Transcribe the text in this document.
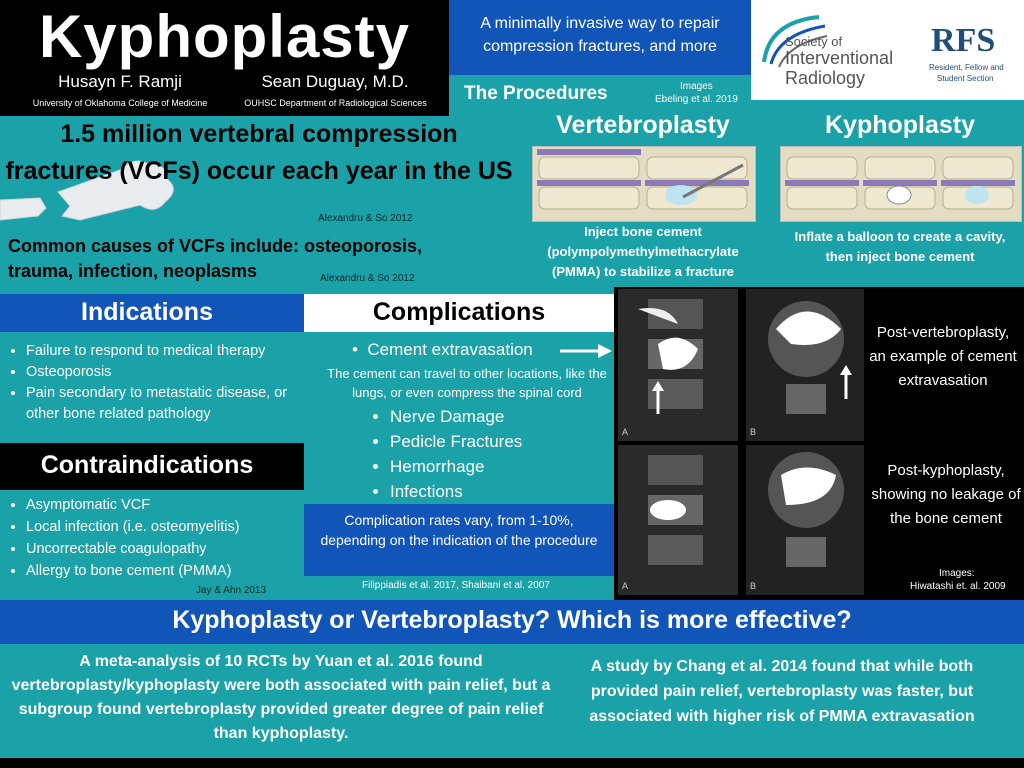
Kyphoplasty
Husayn F. Ramji
University of Oklahoma College of Medicine
Sean Duguay, M.D.
OUHSC Department of Radiological Sciences
A minimally invasive way to repair compression fractures, and more	Society of
Interventional
Radiology
RFS
Resident, Fellow and
Student Section
The Procedures	Images
Ebeling et al. 2019
1.5 million vertebral compression fractures (VCFs) occur each year in the US
Alexandru & So 2012
Common causes of VCFs include: osteoporosis, trauma, infection, neoplasms	Alexandru & So 2012
Vertebroplasty
Inject bone cement (polympolymethylmethacrylate (PMMA) to stabilize a fracture
Kyphoplasty
Inflate a balloon to create a cavity, then inject bone cement
Indications
• Failure to respond to medical therapy
• Osteoporosis
• Pain secondary to metastatic disease, or other bone related pathology
Contraindications
• Asymptomatic VCF
• Local infection (i.e. osteomyelitis)
• Uncorrectable coagulopathy
• Allergy to bone cement (PMMA)
Jay & Ahn 2013
Complications
•  Cement extravasation
The cement can travel to other locations, like the lungs, or even compress the spinal cord
• Nerve Damage
• Pedicle Fractures
• Hemorrhage
• Infections
Complication rates vary, from 1-10%, depending on the indication of the procedure
Filippiadis et al. 2017, Shaibani et al. 2007
A	B
A	B
Post-vertebroplasty, an example of cement extravasation
Post-kyphoplasty, showing no leakage of the bone cement
Images:
Hiwatashi et. al. 2009
Kyphoplasty or Vertebroplasty? Which is more effective?
A meta-analysis of 10 RCTs by Yuan et al. 2016 found vertebroplasty/kyphoplasty were both associated with pain relief, but a subgroup found vertebroplasty provided greater degree of pain relief than kyphoplasty.
A study by Chang et al. 2014 found that while both provided pain relief, vertebroplasty was faster, but associated with higher risk of PMMA extravasation
